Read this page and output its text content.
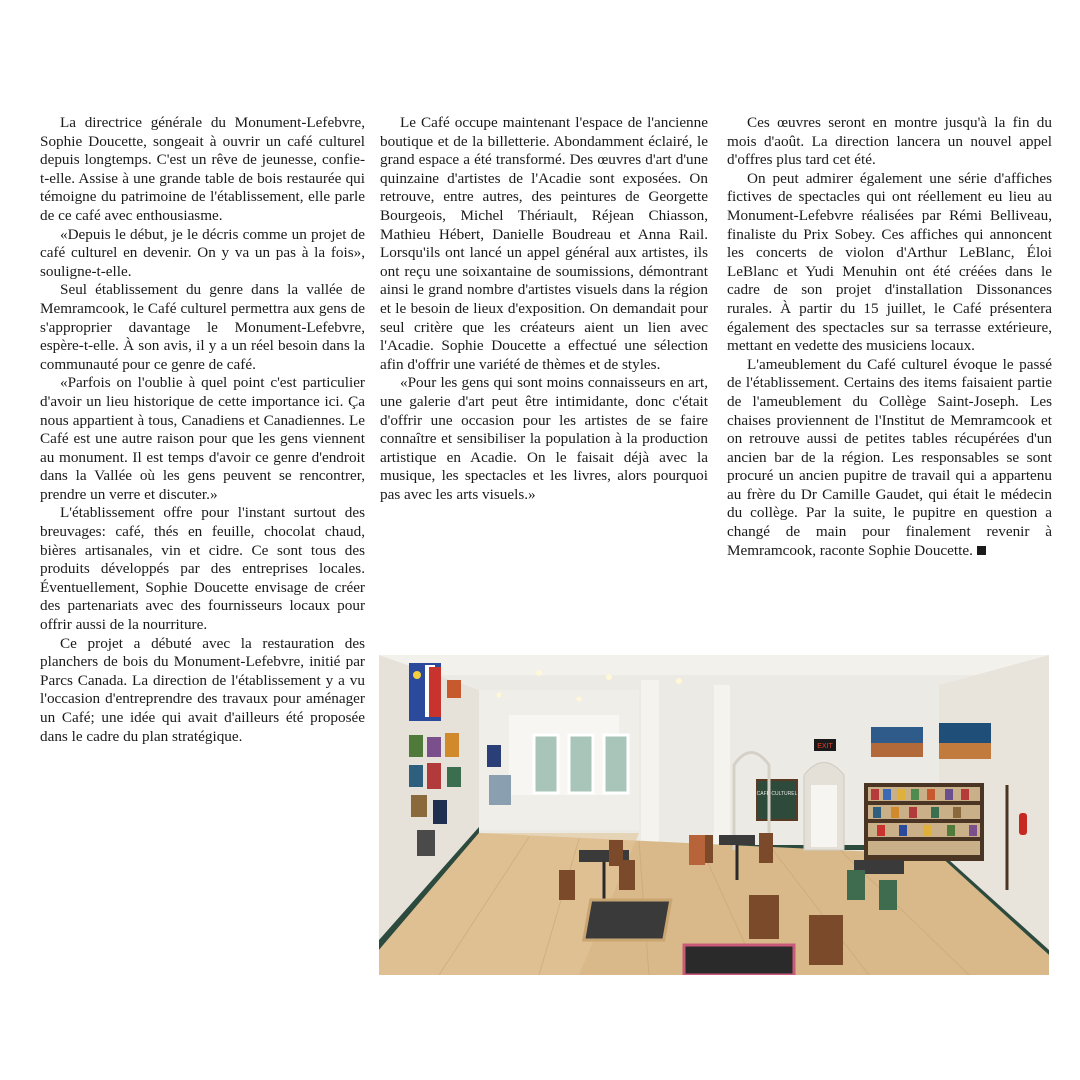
La directrice générale du Monument-Lefebvre, Sophie Doucette, songeait à ouvrir un café culturel depuis longtemps. C'est un rêve de jeunesse, confie-t-elle. Assise à une grande table de bois restaurée qui témoigne du patrimoine de l'établissement, elle parle de ce café avec enthousiasme.

«Depuis le début, je le décris comme un projet de café culturel en devenir. On y va un pas à la fois», souligne-t-elle.

Seul établissement du genre dans la vallée de Memramcook, le Café culturel permettra aux gens de s'approprier davantage le Monument-Lefebvre, espère-t-elle. À son avis, il y a un réel besoin dans la communauté pour ce genre de café.

«Parfois on l'oublie à quel point c'est particulier d'avoir un lieu historique de cette importance ici. Ça nous appartient à tous, Canadiens et Canadiennes. Le Café est une autre raison pour que les gens viennent au monument. Il est temps d'avoir ce genre d'endroit dans la Vallée où les gens peuvent se rencontrer, prendre un verre et discuter.»

L'établissement offre pour l'instant surtout des breuvages: café, thés en feuille, chocolat chaud, bières artisanales, vin et cidre. Ce sont tous des produits développés par des entreprises locales. Éventuellement, Sophie Doucette envisage de créer des partenariats avec des fournisseurs locaux pour offrir aussi de la nourriture.

Ce projet a débuté avec la restauration des planchers de bois du Monument-Lefebvre, initié par Parcs Canada. La direction de l'établissement y a vu l'occasion d'entreprendre des travaux pour aménager un Café; une idée qui avait d'ailleurs été proposée dans le cadre du plan stratégique.

Le Café occupe maintenant l'espace de l'ancienne boutique et de la billetterie. Abondamment éclairé, le grand espace a été transformé. Des œuvres d'art d'une quinzaine d'artistes de l'Acadie sont exposées. On retrouve, entre autres, des peintures de Georgette Bourgeois, Michel Thériault, Réjean Chiasson, Mathieu Hébert, Danielle Boudreau et Anna Rail. Lorsqu'ils ont lancé un appel général aux artistes, ils ont reçu une soixantaine de soumissions, démontrant ainsi le grand nombre d'artistes visuels dans la région et le besoin de lieux d'exposition. On demandait pour seul critère que les créateurs aient un lien avec l'Acadie. Sophie Doucette a effectué une sélection afin d'offrir une variété de thèmes et de styles.

«Pour les gens qui sont moins connaisseurs en art, une galerie d'art peut être intimidante, donc c'était d'offrir une occasion pour les artistes de se faire connaître et sensibiliser la population à la production artistique en Acadie. On le faisait déjà avec la musique, les spectacles et les livres, alors pourquoi pas avec les arts visuels.»

Ces œuvres seront en montre jusqu'à la fin du mois d'août. La direction lancera un nouvel appel d'offres plus tard cet été.

On peut admirer également une série d'affiches fictives de spectacles qui ont réellement eu lieu au Monument-Lefebvre réalisées par Rémi Belliveau, finaliste du Prix Sobey. Ces affiches qui annoncent les concerts de violon d'Arthur LeBlanc, Éloi LeBlanc et Yudi Menuhin ont été créées dans le cadre de son projet d'installation Dissonances rurales. À partir du 15 juillet, le Café présentera également des spectacles sur sa terrasse extérieure, mettant en vedette des musiciens locaux.

L'ameublement du Café culturel évoque le passé de l'établissement. Certains des items faisaient partie de l'ameublement du Collège Saint-Joseph. Les chaises proviennent de l'Institut de Memramcook et on retrouve aussi de petites tables récupérées d'un ancien bar de la région. Les responsables se sont procuré un ancien pupitre de travail qui a appartenu au frère du Dr Camille Gaudet, qui était le médecin du collège. Par la suite, le pupitre en question a changé de main pour finalement revenir à Memramcook, raconte Sophie Doucette.

EXIT
CAFÉ CULTUREL
